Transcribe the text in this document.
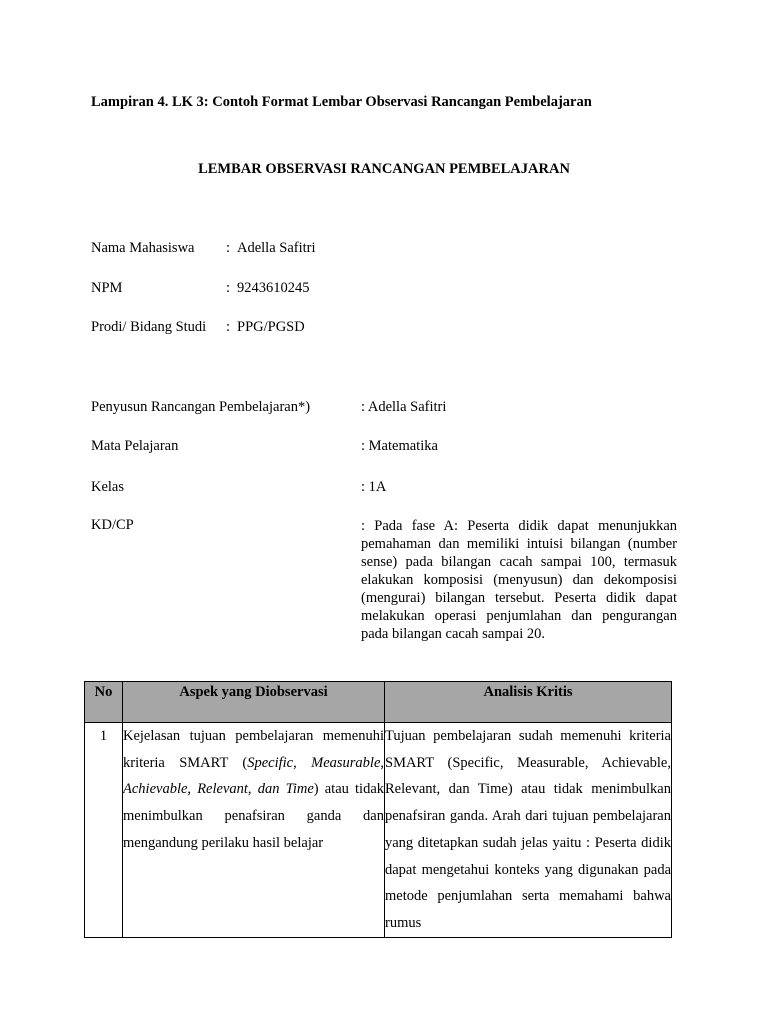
Lampiran 4. LK 3: Contoh Format Lembar Observasi Rancangan Pembelajaran
LEMBAR OBSERVASI RANCANGAN PEMBELAJARAN
Nama Mahasiswa : Adella Safitri
NPM	: 9243610245
Prodi/ Bidang Studi : PPG/PGSD
Penyusun Rancangan Pembelajaran*)	: Adella Safitri
Mata Pelajaran	: Matematika
Kelas	: 1A
KD/CP	: Pada fase A: Peserta didik dapat menunjukkan pemahaman dan memiliki intuisi bilangan (number sense) pada bilangan cacah sampai 100, termasuk elakukan komposisi (menyusun) dan dekomposisi (mengurai) bilangan tersebut. Peserta didik dapat melakukan operasi penjumlahan dan pengurangan pada bilangan cacah sampai 20.
No	Aspek yang Diobservasi	Analisis Kritis
1	Kejelasan tujuan pembelajaran memenuhi kriteria SMART (Specific, Measurable, Achievable, Relevant, dan Time) atau tidak menimbulkan penafsiran ganda dan mengandung perilaku hasil belajar	Tujuan pembelajaran sudah memenuhi kriteria SMART (Specific, Measurable, Achievable, Relevant, dan Time) atau tidak menimbulkan penafsiran ganda. Arah dari tujuan pembelajaran yang ditetapkan sudah jelas yaitu : Peserta didik dapat mengetahui konteks yang digunakan pada metode penjumlahan serta memahami bahwa rumus
